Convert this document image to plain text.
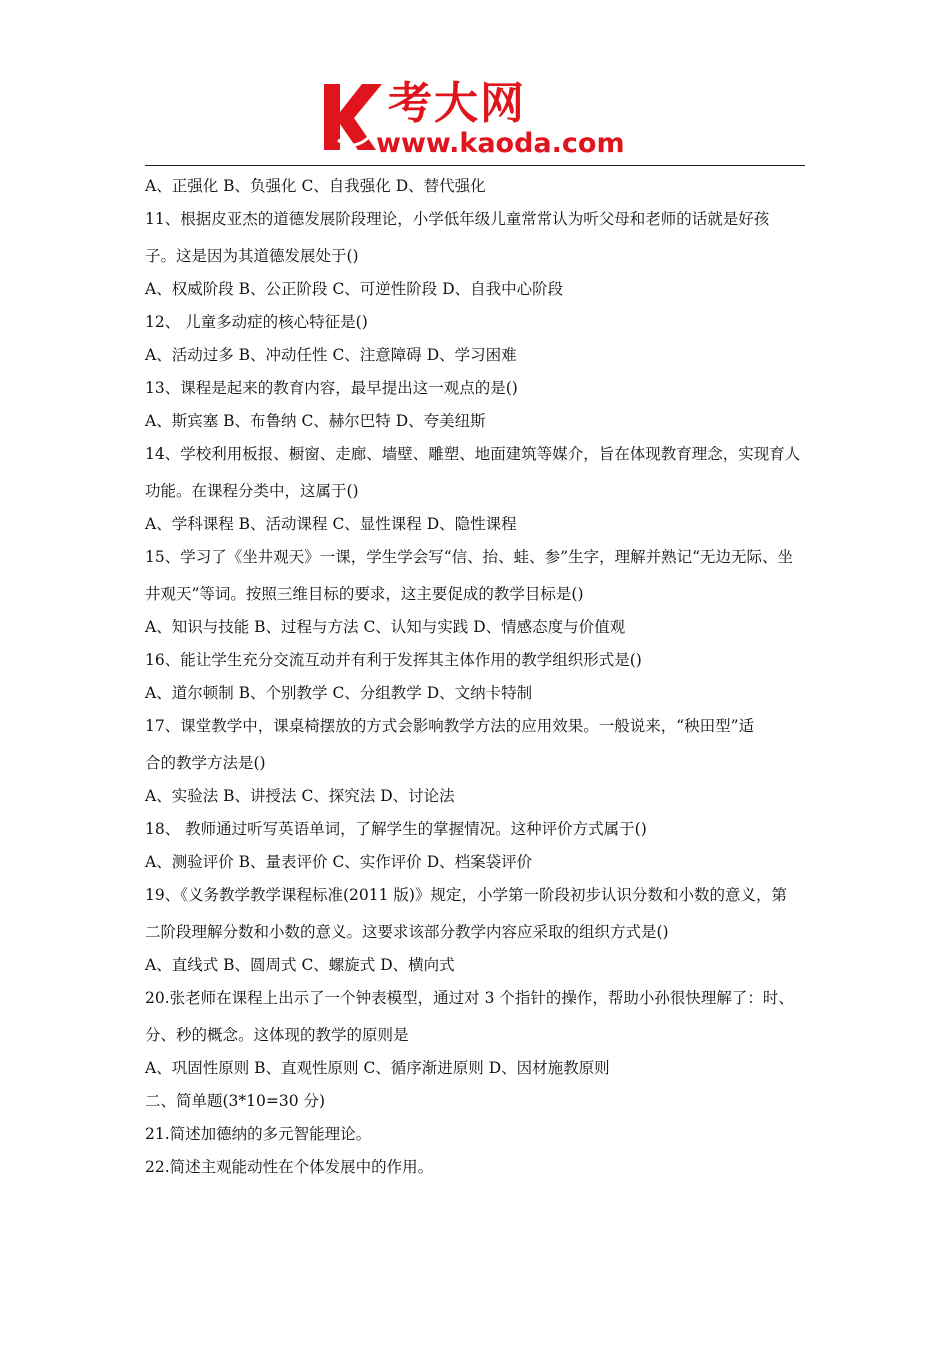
考大网
www.kaoda.com

A、正强化 B、负强化 C、自我强化 D、替代强化

11、根据皮亚杰的道德发展阶段理论，小学低年级儿童常常认为听父母和老师的话就是好孩

子。这是因为其道德发展处于()

A、权威阶段 B、公正阶段 C、可逆性阶段 D、自我中心阶段

12、 儿童多动症的核心特征是()

A、活动过多 B、冲动任性 C、注意障碍 D、学习困难

13、课程是起来的教育内容，最早提出这一观点的是()

A、斯宾塞 B、布鲁纳 C、赫尔巴特 D、夸美纽斯

14、学校利用板报、橱窗、走廊、墙壁、雕塑、地面建筑等媒介，旨在体现教育理念，实现育人

功能。在课程分类中，这属于()

A、学科课程 B、活动课程 C、显性课程 D、隐性课程

15、学习了《坐井观天》一课，学生学会写“信、抬、蛙、参”生字，理解并熟记“无边无际、坐

井观天”等词。按照三维目标的要求，这主要促成的教学目标是()

A、知识与技能 B、过程与方法 C、认知与实践 D、情感态度与价值观

16、能让学生充分交流互动并有利于发挥其主体作用的教学组织形式是()

A、道尔顿制 B、个别教学 C、分组教学 D、文纳卡特制

17、课堂教学中，课桌椅摆放的方式会影响教学方法的应用效果。一般说来，“秧田型”适

合的教学方法是()

A、实验法 B、讲授法 C、探究法 D、讨论法

18、 教师通过听写英语单词，了解学生的掌握情况。这种评价方式属于()

A、测验评价 B、量表评价 C、实作评价 D、档案袋评价

19、《义务教学教学课程标准(2011 版)》规定，小学第一阶段初步认识分数和小数的意义，第

二阶段理解分数和小数的意义。这要求该部分教学内容应采取的组织方式是()

A、直线式 B、圆周式 C、螺旋式 D、横向式

20.张老师在课程上出示了一个钟表模型，通过对 3 个指针的操作，帮助小孙很快理解了：时、

分、秒的概念。这体现的教学的原则是

A、巩固性原则 B、直观性原则 C、循序渐进原则 D、因材施教原则

二、简单题(3*10=30 分)

21.简述加德纳的多元智能理论。

22.简述主观能动性在个体发展中的作用。
